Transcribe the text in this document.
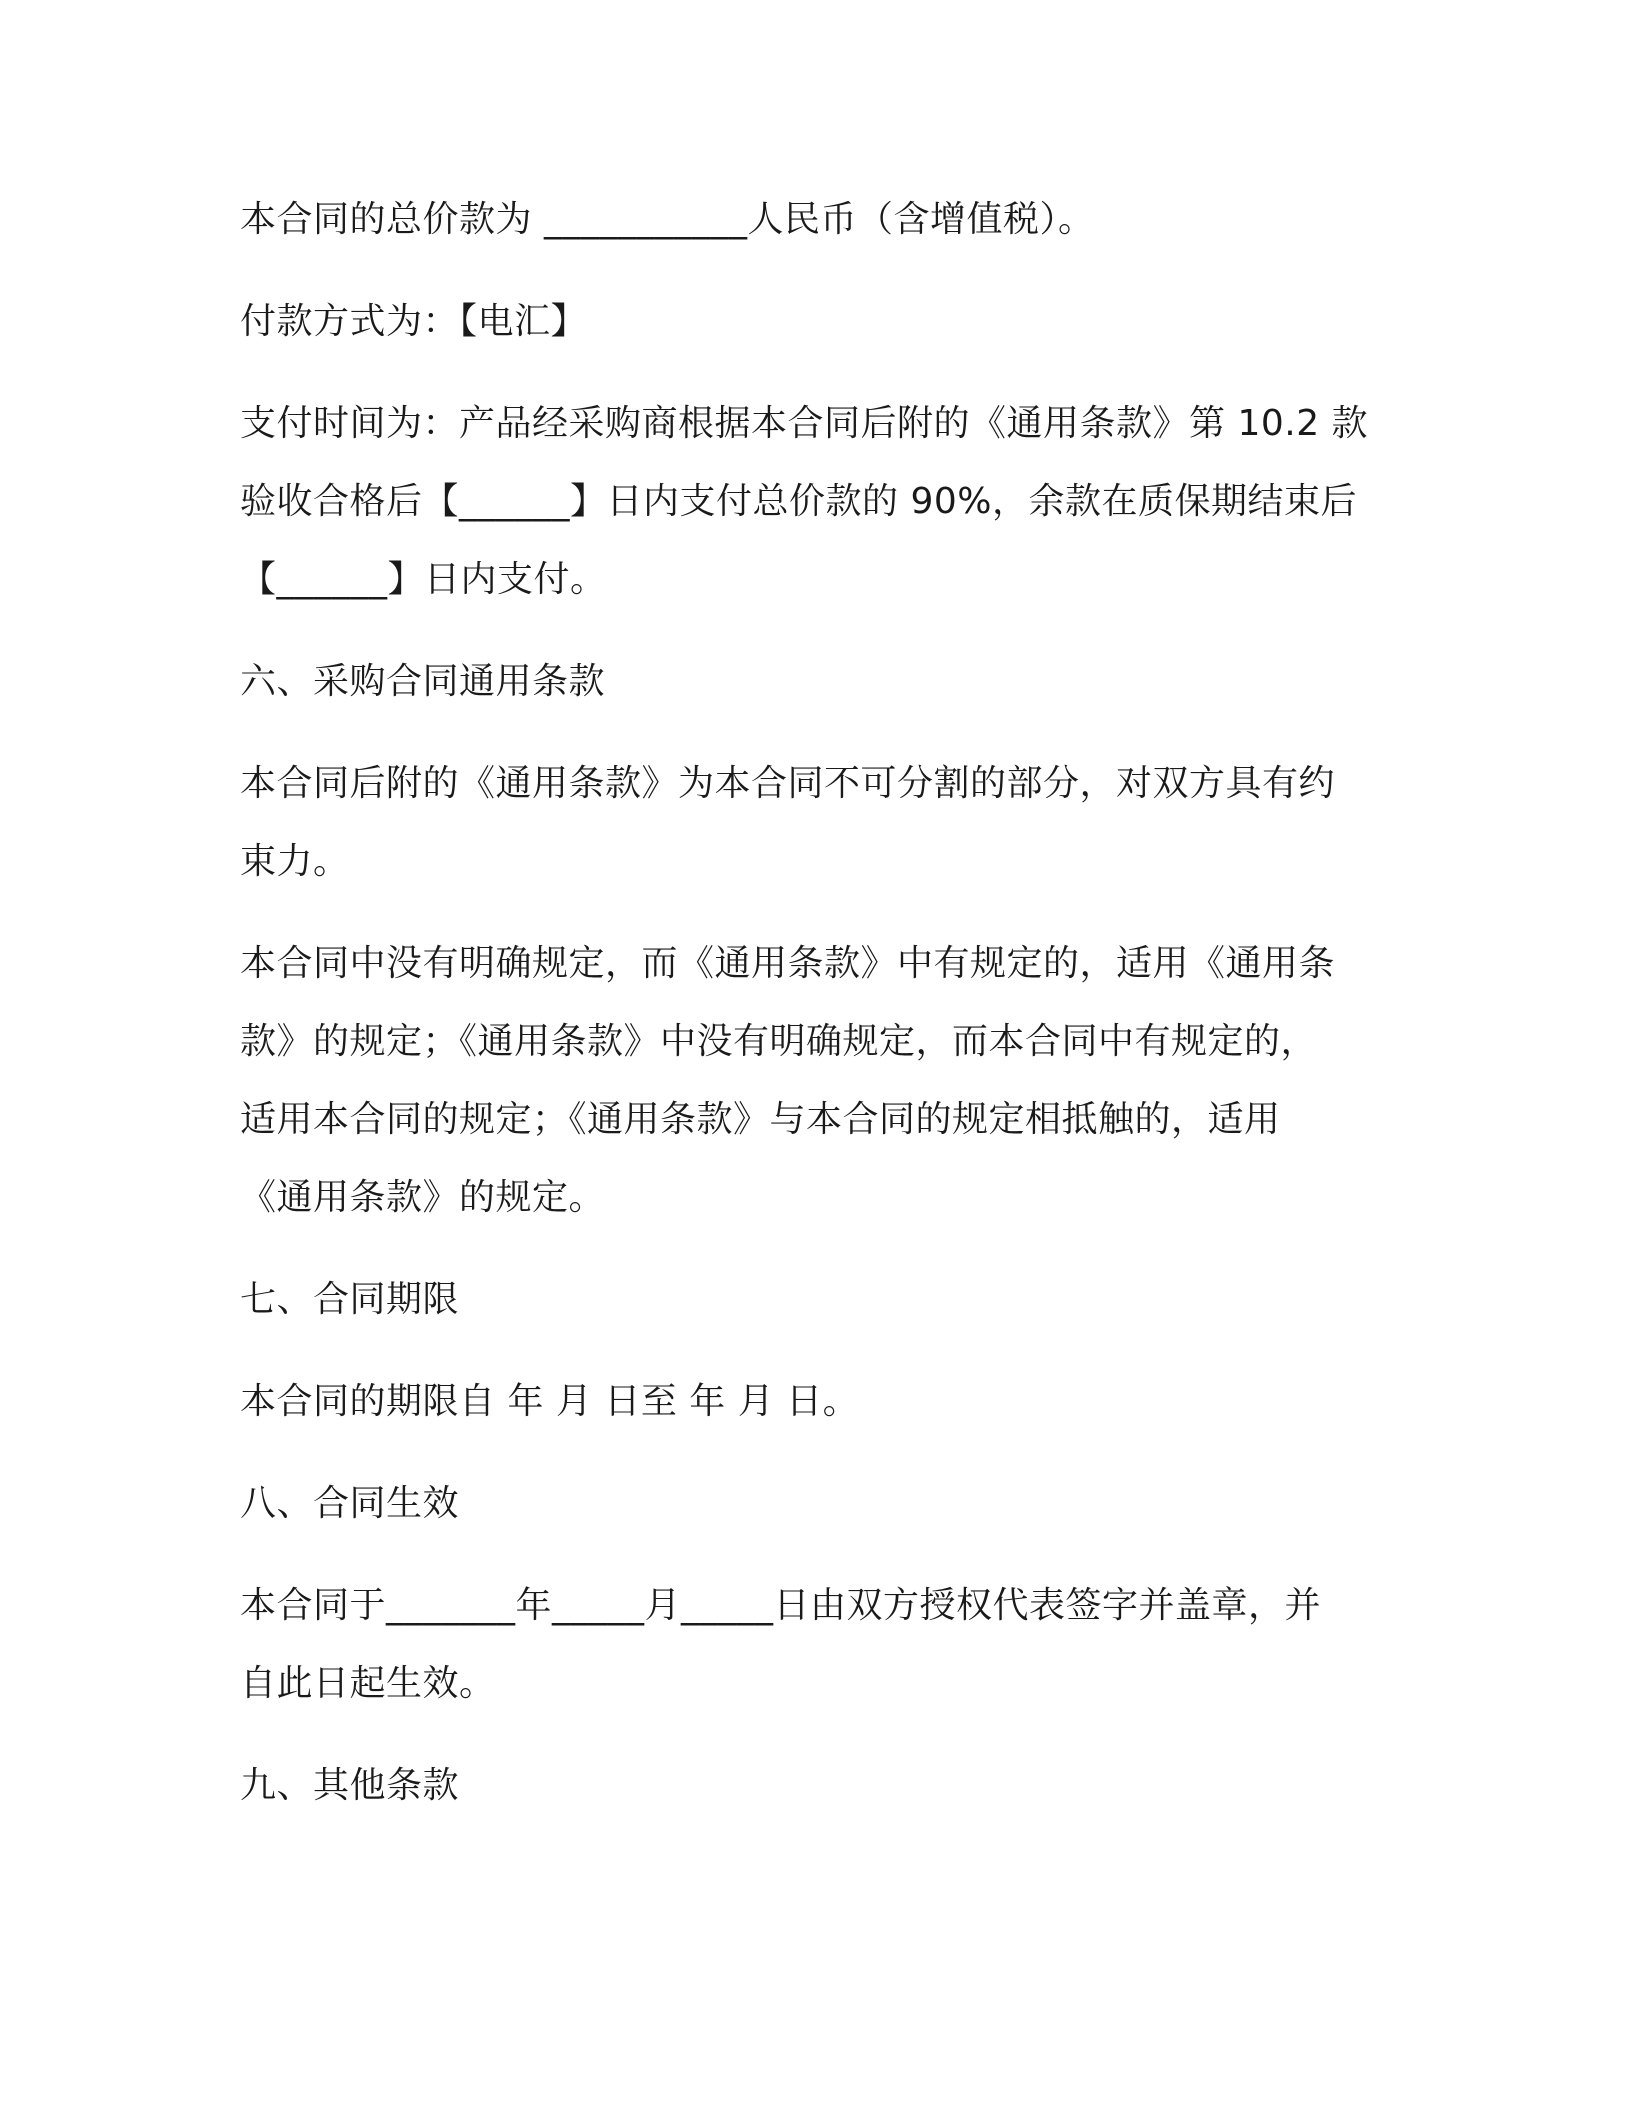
本合同的总价款为 ___________人民币（含增值税）。
付款方式为：【电汇】
支付时间为：产品经采购商根据本合同后附的《通用条款》第 10.2 款
验收合格后【______】日内支付总价款的 90%，余款在质保期结束后
【______】日内支付。
六、采购合同通用条款
本合同后附的《通用条款》为本合同不可分割的部分，对双方具有约
束力。
本合同中没有明确规定，而《通用条款》中有规定的，适用《通用条
款》的规定；《通用条款》中没有明确规定，而本合同中有规定的，
适用本合同的规定；《通用条款》与本合同的规定相抵触的，适用
《通用条款》的规定。
七、合同期限
本合同的期限自 年 月 日至 年 月 日。
八、合同生效
本合同于_______年_____月_____日由双方授权代表签字并盖章，并
自此日起生效。
九、其他条款
